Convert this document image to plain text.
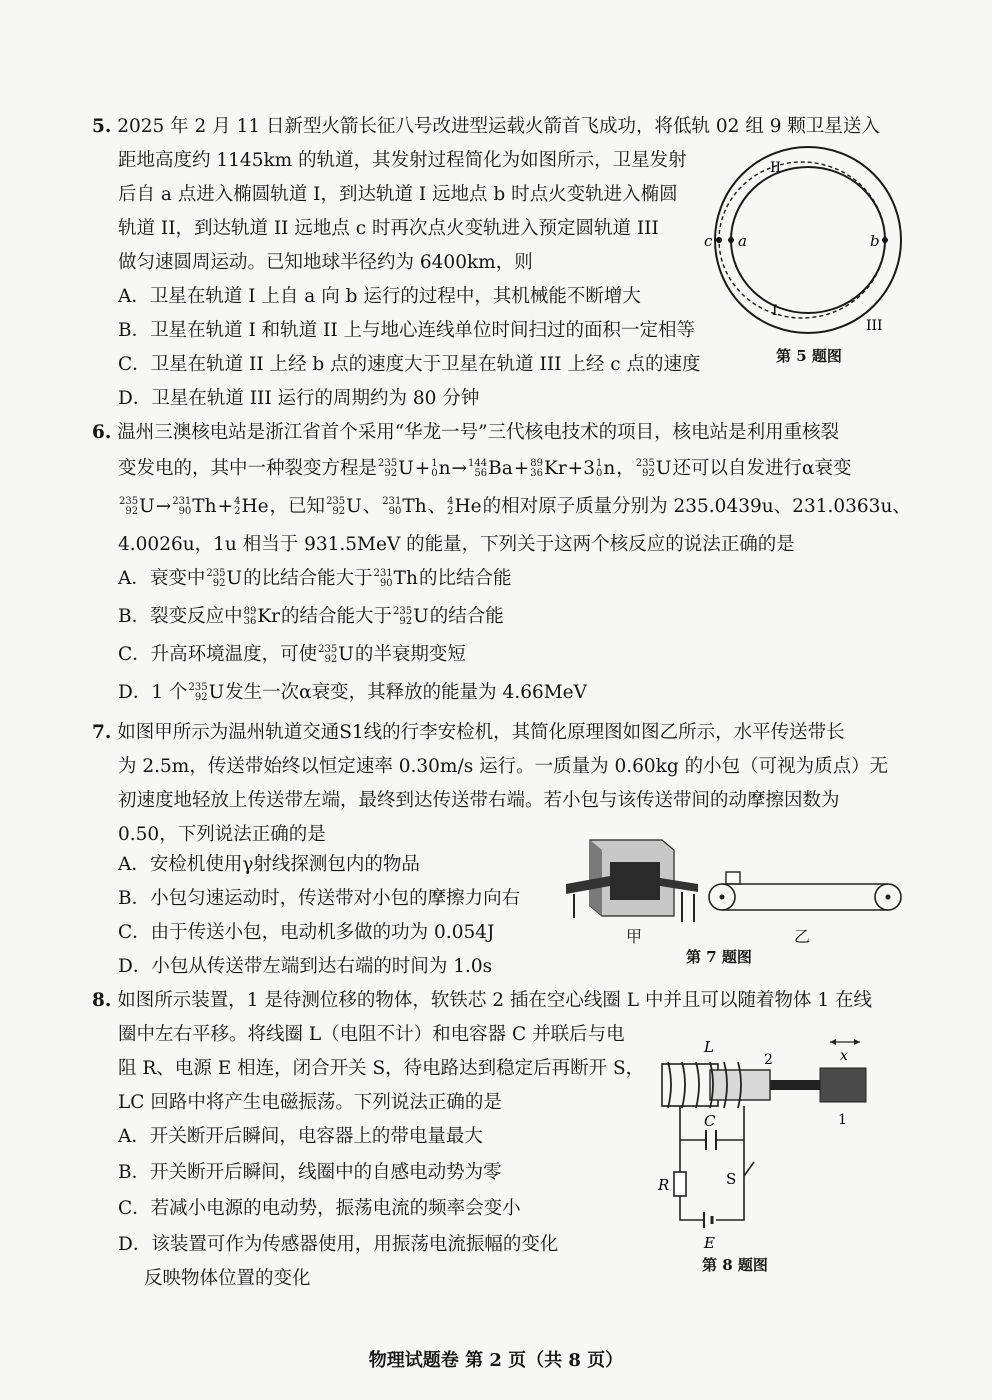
5. 2025 年 2 月 11 日新型火箭长征八号改进型运载火箭首飞成功，将低轨 02 组 9 颗卫星送入
距地高度约 1145km 的轨道，其发射过程简化为如图所示，卫星发射
后自 a 点进入椭圆轨道 I，到达轨道 I 远地点 b 时点火变轨进入椭圆
轨道 II，到达轨道 II 远地点 c 时再次点火变轨进入预定圆轨道 III
做匀速圆周运动。已知地球半径约为 6400km，则
A．卫星在轨道 I 上自 a 向 b 运行的过程中，其机械能不断增大
B．卫星在轨道 I 和轨道 II 上与地心连线单位时间扫过的面积一定相等
C．卫星在轨道 II 上经 b 点的速度大于卫星在轨道 III 上经 c 点的速度
D．卫星在轨道 III 运行的周期约为 80 分钟
c a	b
II
I
III
第 5 题图
6. 温州三澳核电站是浙江省首个采用“华龙一号”三代核电技术的项目，核电站是利用重核裂
变发电的，其中一种裂变方程是 235
92 U + 1
0 n → 144
56 Ba + 89
36 Kr +3 1
0 n ， 235
92 U 还可以自发进行α衰变
235
92 U → 231
90 Th + 4
2 He ，已知 235
92 U 、 231
90 Th 、 4
2 He 的相对原子质量分别为 235.0439u、231.0363u、
4.0026u，1u 相当于 931.5MeV 的能量，下列关于这两个核反应的说法正确的是
A．衰变中 235
92 U 的比结合能大于 231
90 Th 的比结合能
B．裂变反应中 89
36 Kr 的结合能大于 235
92 U 的结合能
C．升高环境温度，可使 235
92 U 的半衰期变短
D．1 个 235
92 U 发生一次α衰变，其释放的能量为 4.66MeV
7. 如图甲所示为温州轨道交通S1线的行李安检机，其简化原理图如图乙所示，水平传送带长
为 2.5m，传送带始终以恒定速率 0.30m/s 运行。一质量为 0.60kg 的小包（可视为质点）无
初速度地轻放上传送带左端，最终到达传送带右端。若小包与该传送带间的动摩擦因数为
0.50，下列说法正确的是
A．安检机使用γ射线探测包内的物品
B．小包匀速运动时，传送带对小包的摩擦力向右
C．由于传送小包，电动机多做的功为 0.054J
D．小包从传送带左端到达右端的时间为 1.0s
甲	乙
第 7 题图
8. 如图所示装置，1 是待测位移的物体，软铁芯 2 插在空心线圈 L 中并且可以随着物体 1 在线
圈中左右平移。将线圈 L（电阻不计）和电容器 C 并联后与电
阻 R、电源 E 相连，闭合开关 S，待电路达到稳定后再断开 S，
LC 回路中将产生电磁振荡。下列说法正确的是
A．开关断开后瞬间，电容器上的带电量最大
B．开关断开后瞬间，线圈中的自感电动势为零
C．若减小电源的电动势，振荡电流的频率会变小
D．该装置可作为传感器使用，用振荡电流振幅的变化
反映物体位置的变化
x
L
2
1
C
R	S
E
第 8 题图
物理试题卷 第 2 页（共 8 页）
